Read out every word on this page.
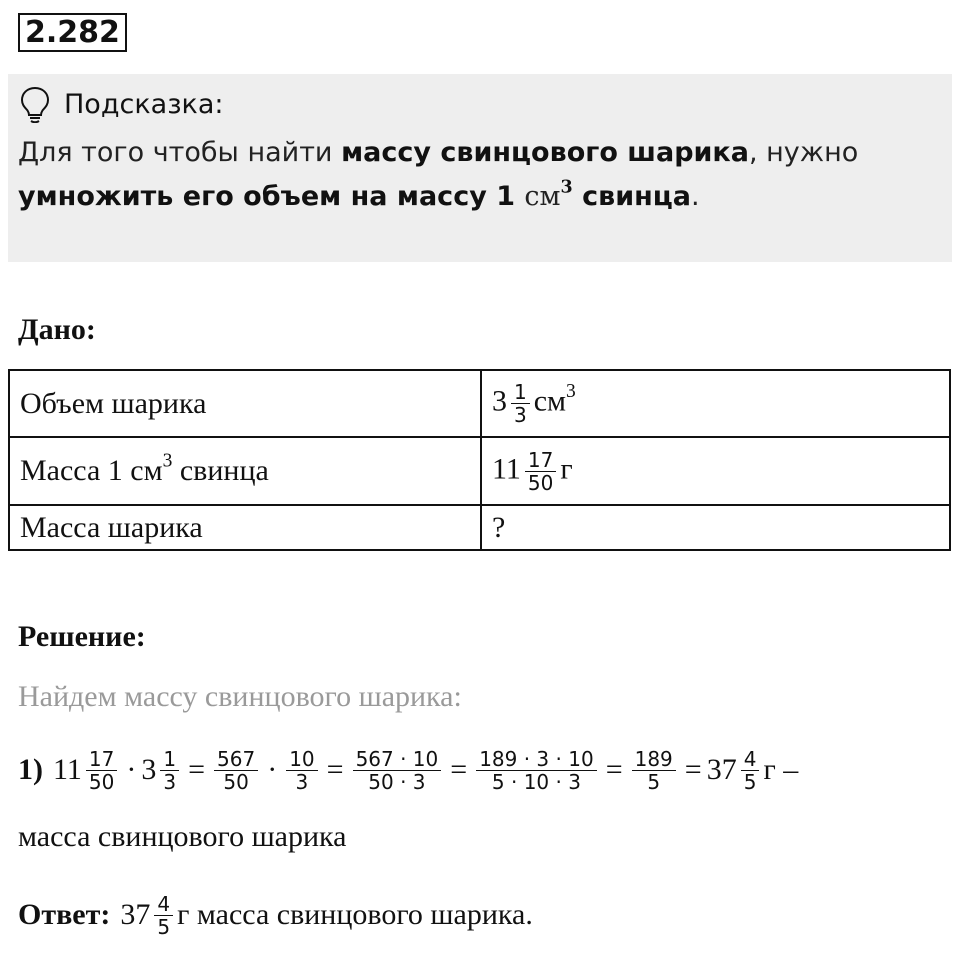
2.282
Подсказка:
Для того чтобы найти массу свинцового шарика, нужно
умножить его объем на массу 1 $см^3$ свинца.
Дано:
Объем шарика	$3 \frac{1}{3} см^3$
Масса 1 $см^3$ свинца	$11 \frac{17}{50}$ г
Масса шарика	?
Решение:
Найдем массу свинцового шарика:
1) $11 \frac{17}{50} \cdot 3 \frac{1}{3} = \frac{567}{50} \cdot \frac{10}{3} = \frac{567 \cdot 10}{50 \cdot 3} = \frac{189 \cdot 3 \cdot 10}{5 \cdot 10 \cdot 3} = \frac{189}{5} = 37 \frac{4}{5}$ г –
масса свинцового шарика
Ответ: $37 \frac{4}{5}$ г масса свинцового шарика.
